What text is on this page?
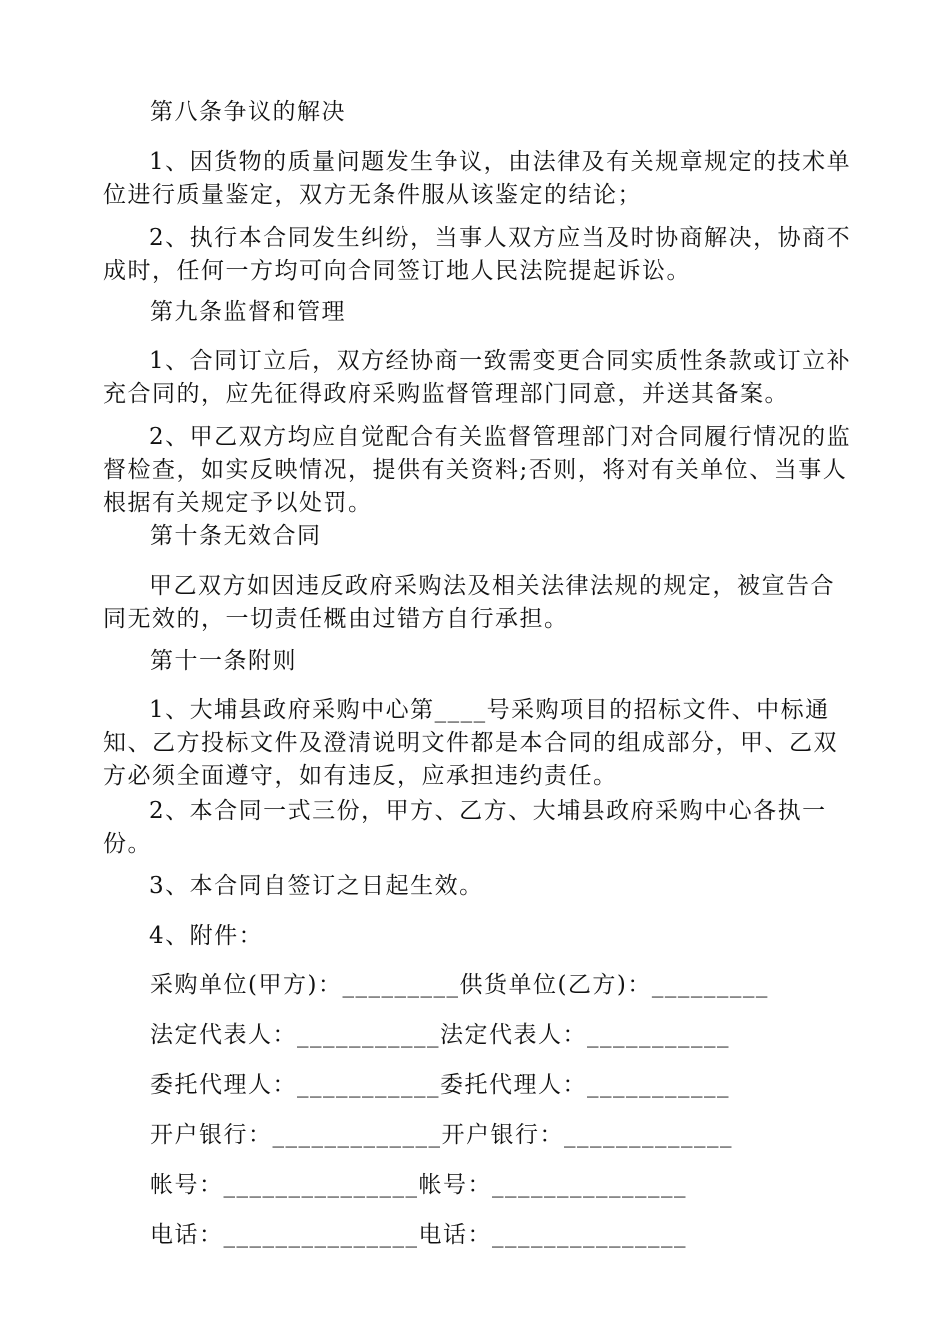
第八条争议的解决
1、因货物的质量问题发生争议，由法律及有关规章规定的技术单位进行质量鉴定，双方无条件服从该鉴定的结论；
2、执行本合同发生纠纷，当事人双方应当及时协商解决，协商不成时，任何一方均可向合同签订地人民法院提起诉讼。
第九条监督和管理
1、合同订立后，双方经协商一致需变更合同实质性条款或订立补充合同的，应先征得政府采购监督管理部门同意，并送其备案。
2、甲乙双方均应自觉配合有关监督管理部门对合同履行情况的监督检查，如实反映情况，提供有关资料;否则，将对有关单位、当事人根据有关规定予以处罚。
第十条无效合同
甲乙双方如因违反政府采购法及相关法律法规的规定，被宣告合同无效的，一切责任概由过错方自行承担。
第十一条附则
1、大埔县政府采购中心第____号采购项目的招标文件、中标通知、乙方投标文件及澄清说明文件都是本合同的组成部分，甲、乙双方必须全面遵守，如有违反，应承担违约责任。
2、本合同一式三份，甲方、乙方、大埔县政府采购中心各执一份。
3、本合同自签订之日起生效。
4、附件：
采购单位(甲方)：_________供货单位(乙方)：_________
法定代表人：___________法定代表人：___________
委托代理人：___________委托代理人：___________
开户银行：_____________开户银行：_____________
帐号：_______________帐号：_______________
电话：_______________电话：_______________
